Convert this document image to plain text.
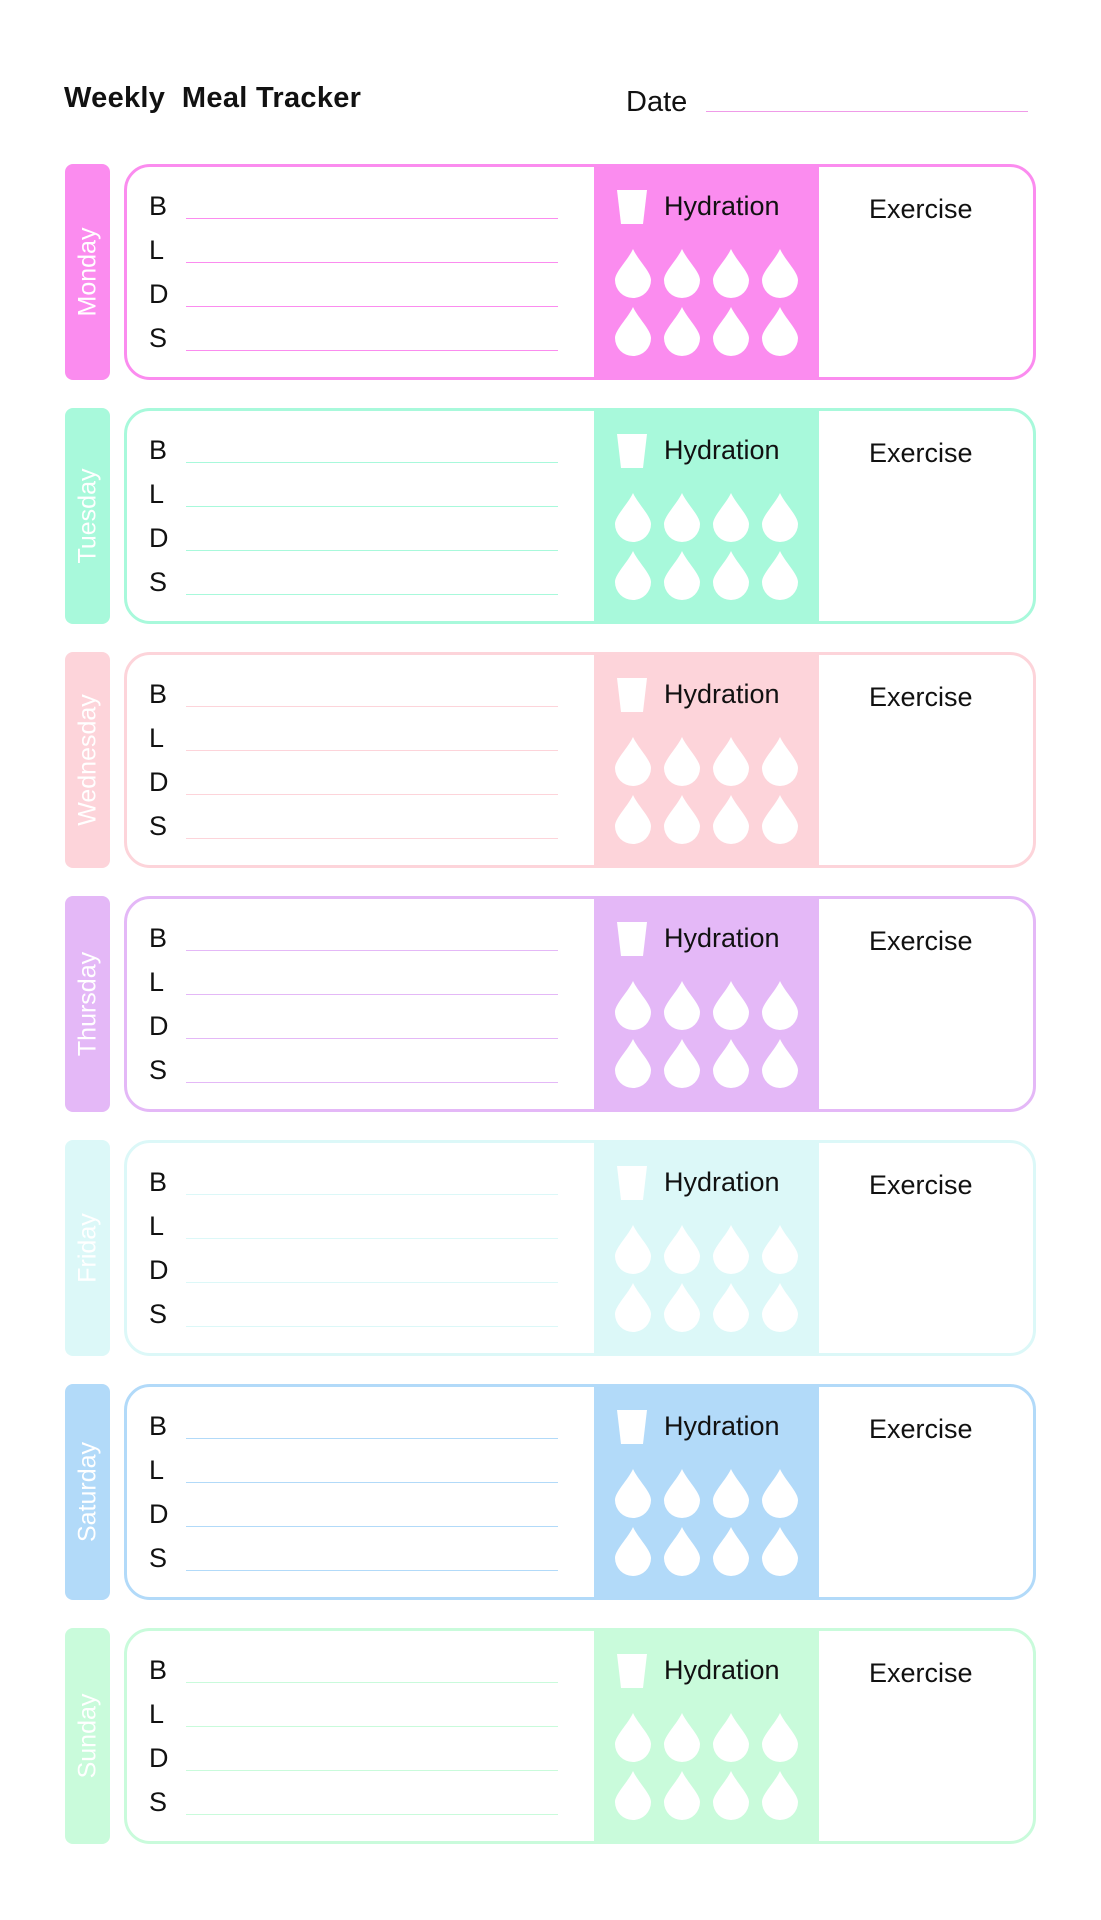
Weekly  Meal Tracker	Date
Monday
B
L
D
S
Hydration	Exercise
Tuesday
B
L
D
S
Hydration	Exercise
Wednesday
B
L
D
S
Hydration	Exercise
Thursday
B
L
D
S
Hydration	Exercise
Friday
B
L
D
S
Hydration	Exercise
Saturday
B
L
D
S
Hydration	Exercise
Sunday
B
L
D
S
Hydration	Exercise
